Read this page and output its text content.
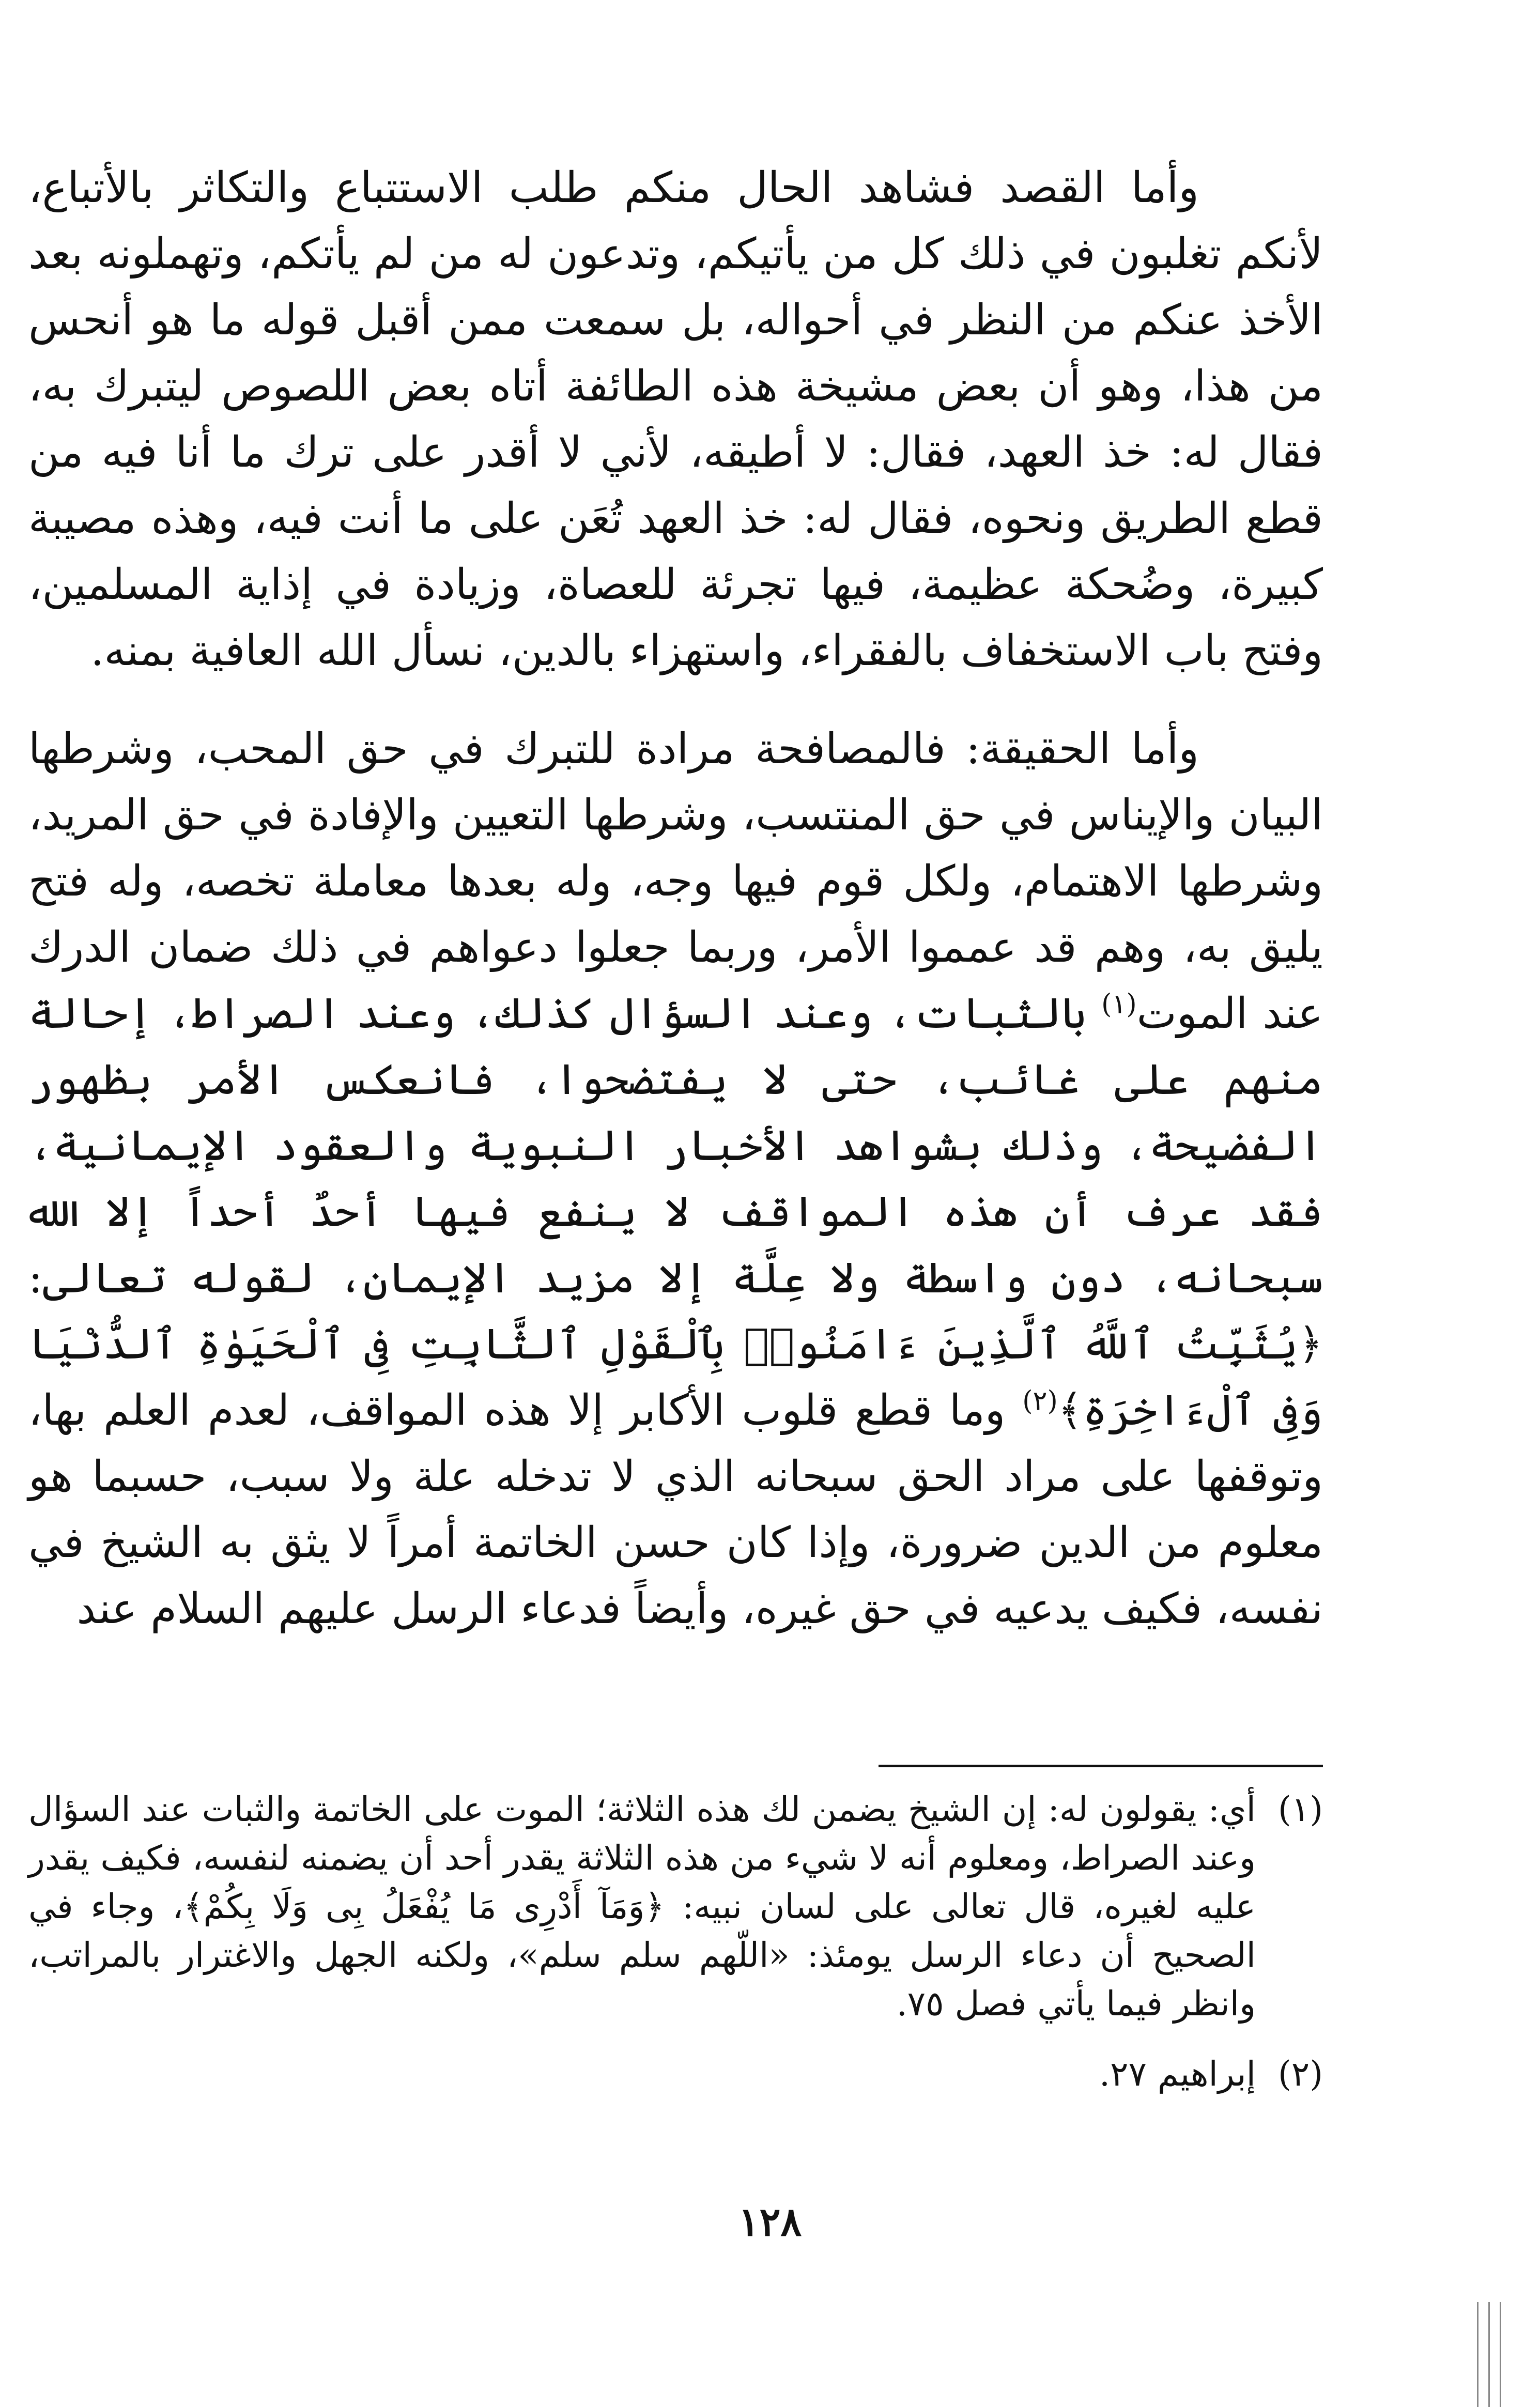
وأما القصد فشاهد الحال منكم طلب الاستتباع والتكاثر بالأتباع، لأنكم تغلبون في ذلك كل من يأتيكم، وتدعون له من لم يأتكم، وتهملونه بعد الأخذ عنكم من النظر في أحواله، بل سمعت ممن أقبل قوله ما هو أنحس من هذا، وهو أن بعض مشيخة هذه الطائفة أتاه بعض اللصوص ليتبرك به، فقال له: خذ العهد، فقال: لا أطيقه، لأني لا أقدر على ترك ما أنا فيه من قطع الطريق ونحوه، فقال له: خذ العهد تُعَن على ما أنت فيه، وهذه مصيبة كبيرة، وضُحكة عظيمة، فيها تجرئة للعصاة، وزيادة في إذاية المسلمين، وفتح باب الاستخفاف بالفقراء، واستهزاء بالدين، نسأل الله العافية بمنه.

وأما الحقيقة: فالمصافحة مرادة للتبرك في حق المحب، وشرطها البيان والإيناس في حق المنتسب، وشرطها التعيين والإفادة في حق المريد، وشرطها الاهتمام، ولكل قوم فيها وجه، وله بعدها معاملة تخصه، وله فتح يليق به، وهم قد عمموا الأمر، وربما جعلوا دعواهم في ذلك ضمان الدرك عند الموت$^{(١)}$ بالثبات، وعند السؤال كذلك، وعند الصراط، إحالة منهم على غائب، حتى لا يفتضحوا، فانعكس الأمر بظهور الفضيحة، وذلك بشواهد الأخبار النبوية والعقود الإيمانية، فقد عرف أن هذه المواقف لا ينفع فيها أحدٌ أحداً إلا الله سبحانه، دون واسطة ولا عِلَّة إلا مزيد الإيمان، لقوله تعالى: ﴿يُثَبِّتُ ٱللَّهُ ٱلَّذِينَ ءَامَنُوا۟ بِٱلْقَوْلِ ٱلثَّابِتِ فِى ٱلْحَيَوٰةِ ٱلدُّنْيَا وَفِى ٱلْءَاخِرَةِ﴾$^{(٢)}$ وما قطع قلوب الأكابر إلا هذه المواقف، لعدم العلم بها، وتوقفها على مراد الحق سبحانه الذي لا تدخله علة ولا سبب، حسبما هو معلوم من الدين ضرورة، وإذا كان حسن الخاتمة أمراً لا يثق به الشيخ في نفسه، فكيف يدعيه في حق غيره، وأيضاً فدعاء الرسل عليهم السلام عند

(١)
أي: يقولون له: إن الشيخ يضمن لك هذه الثلاثة؛ الموت على الخاتمة والثبات عند السؤال وعند الصراط، ومعلوم أنه لا شيء من هذه الثلاثة يقدر أحد أن يضمنه لنفسه، فكيف يقدر عليه لغيره، قال تعالى على لسان نبيه: ﴿وَمَآ أَدْرِى مَا يُفْعَلُ بِى وَلَا بِكُمْ﴾، وجاء في الصحيح أن دعاء الرسل يومئذ: «اللّهم سلم سلم»، ولكنه الجهل والاغترار بالمراتب، وانظر فيما يأتي فصل ٧٥.
(٢)
إبراهيم ٢٧.
١٢٨
